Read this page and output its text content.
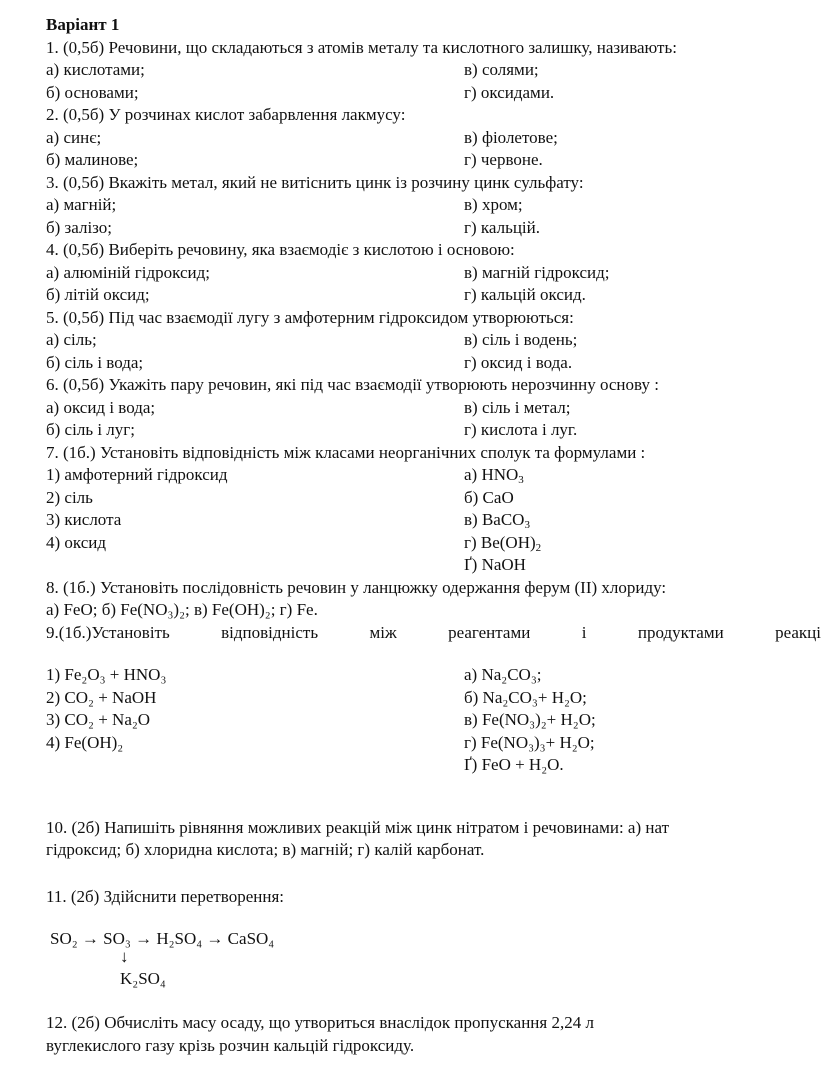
Варіант 1
1. (0,5б) Речовини, що складаються з атомів металу та кислотного залишку, називають:
а) кислотами;	в) солями;
б) основами;	г) оксидами.
2. (0,5б) У розчинах кислот забарвлення лакмусу:
а) синє;	в) фіолетове;
б) малинове;	г) червоне.
3. (0,5б) Вкажіть метал, який не витіснить цинк із розчину цинк сульфату:
а) магній;	в) хром;
б) залізо;	г) кальцій.
4. (0,5б) Виберіть речовину, яка взаємодіє з кислотою і основою:
а) алюміній гідроксид;	в) магній гідроксид;
б) літій оксид;	г) кальцій оксид.
5. (0,5б) Під час взаємодії лугу з амфотерним гідроксидом утворюються:
а) сіль;	в) сіль і водень;
б) сіль і вода;	г) оксид і вода.
6. (0,5б) Укажіть пару речовин, які під час взаємодії утворюють нерозчинну основу :
а) оксид і вода;	в) сіль і метал;
б) сіль і луг;	г) кислота і луг.
7. (1б.) Установіть відповідність між класами неорганічних сполук та формулами :
1) амфотерний гідроксид	а) $HNO_3$
2) сіль	б) CaO
3) кислота	в) BaCO$_3$
4) оксид	г) $Be(OH)_2$
Ґ) NaOH
8. (1б.) Установіть послідовність речовин у ланцюжку одержання ферум (ІІ) хлориду:
а) FeO; б) Fe(NO₃)₂; в) Fe(OH)₂; г) Fe.
9.(1б.)Установіть	відповідність	між	реагентами	і	продуктами	реакці
1) Fe₂O₃ + HNO₃	а) Na₂CO₃;
2) CO₂ + NaOH	б) Na₂CO₃+ H₂O;
3) CO₂ + Na₂O	в) Fe(NO₃)₂+ H₂O;
4) Fe(OH)₂	г) Fe(NO₃)₃+ H₂O;
Ґ) FeO + H₂O.
10. (2б) Напишіть рівняння можливих реакцій між цинк нітратом і речовинами: а) нат
гідроксид; б) хлоридна кислота; в) магній; г) калій карбонат.
11. (2б) Здійснити перетворення:
SO₂ → SO₃ → H₂SO₄ → CaSO₄
↓
K₂SO₄
12. (2б) Обчисліть масу осаду, що утвориться внаслідок пропускання 2,24 л
вуглекислого газу крізь розчин кальцій гідроксиду.
